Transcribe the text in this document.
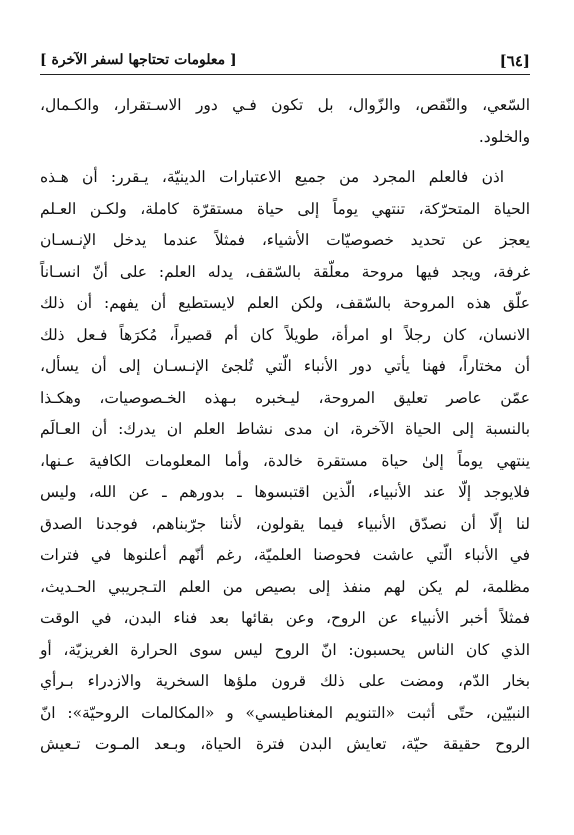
[٦٤]
[ معلومات تحتاجها لسفر الآخرة ]

السّعي، والنّقص، والزّوال، بل تكون فـي دور الاسـتقرار، والكـمال،
والخلود.

اذن فالعلم المجرد من جميع الاعتبارات الدينيّة، يـقرر: أن هـذه
الحياة المتحرّكة، تنتهي يوماً إلى حياة مستقرّة كاملة، ولكـن العـلم
يعجز عن تحديد خصوصيّات الأشياء، فمثلاً عندما يدخل الإنـسـان
غرفة، ويجد فيها مروحة معلّقة بالسّقف، يدله العلم: على أنّ انسـاناً
علّق هذه المروحة بالسّقف، ولكن العلم لايستطيع أن يفهم: أن ذلك
الانسان، كان رجلاً او امرأة، طويلاً كان أم قصيراً، مُكرَهاً فـعل ذلك
أن مختاراً، فهنا يأتي دور الأنباء الّتي تُلجئ الإنـسـان إلى أن يسأل،
عمّن عاصر تعليق المروحة، ليـخبره بـهذه الخـصوصيات، وهكـذا
بالنسبة إلى الحياة الآخرة، ان مدى نشاط العلم ان يدرك: أن العـالَم
ينتهي يوماً إلىٰ حياة مستقرة خالدة، وأما المعلومات الكافية عـنها،
فلايوجد إلّا عند الأنبياء، الّذين اقتبسوها ـ بدورهم ـ عن الله، وليس
لنا إلّا أن نصدّق الأنبياء فيما يقولون، لأننا جرّبناهم، فوجدنا الصدق
في الأنباء الّتي عاشت فحوصنا العلميّة، رغم أنّهم أعلنوها في فترات
مظلمة، لم يكن لهم منفذ إلى بصيص من العلم التـجريبي الحـديث،
فمثلاً أخبر الأنبياء عن الروح، وعن بقائها بعد فناء البدن، في الوقت
الذي كان الناس يحسبون: انّ الروح ليس سوى الحرارة الغريزيّة، أو
بخار الدّم، ومضت على ذلك قرون ملؤها السخرية والازدراء بـرأي
النبيّين، حتّى أثبت «التنويم المغناطيسي» و «المكالمات الروحيّة»: انّ
الروح حقيقة حيّة، تعايش البدن فترة الحياة، وبـعد المـوت تـعيش
